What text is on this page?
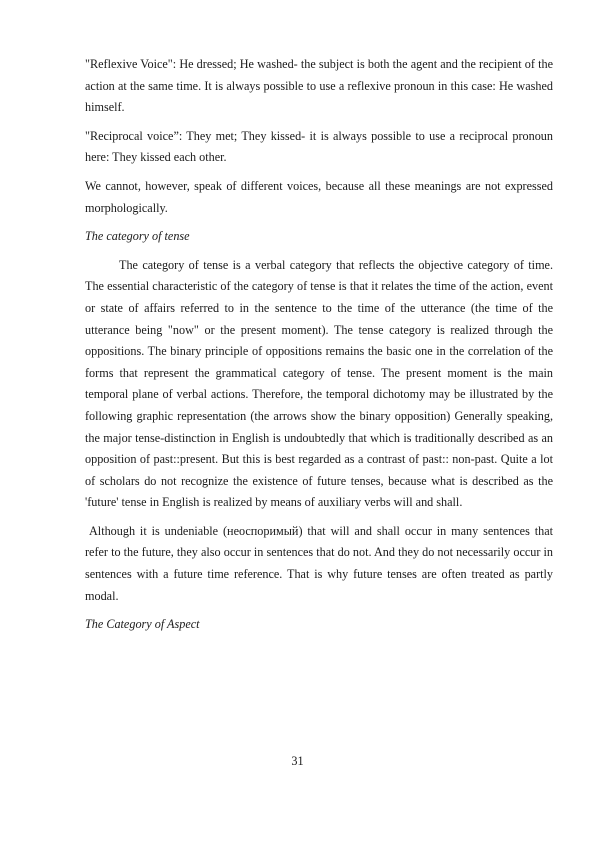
"Reflexive Voice": He dressed; He washed- the subject is both the agent and the recipient of the action at the same time. It is always possible to use a reflexive pronoun in this case: He washed himself.

"Reciprocal voice”: They met; They kissed- it is always possible to use a reciprocal pronoun here: They kissed each other.

We cannot, however, speak of different voices, because all these meanings are not expressed morphologically.

The category of tense

The category of tense is a verbal category that reflects the objective category of time. The essential characteristic of the category of tense is that it relates the time of the action, event or state of affairs referred to in the sentence to the time of the utterance (the time of the utterance being "now" or the present moment). The tense category is realized through the oppositions. The binary principle of oppositions remains the basic one in the correlation of the forms that represent the grammatical category of tense. The present moment is the main temporal plane of verbal actions. Therefore, the temporal dichotomy may be illustrated by the following graphic representation (the arrows show the binary opposition) Generally speaking, the major tense-distinction in English is undoubtedly that which is traditionally described as an opposition of past::present. But this is best regarded as a contrast of past:: non-past. Quite a lot of scholars do not recognize the existence of future tenses, because what is described as the 'future' tense in English is realized by means of auxiliary verbs will and shall.

Although it is undeniable (неоспоримый) that will and shall occur in many sentences that refer to the future, they also occur in sentences that do not. And they do not necessarily occur in sentences with a future time reference. That is why future tenses are often treated as partly modal.

The Category of Aspect

31
